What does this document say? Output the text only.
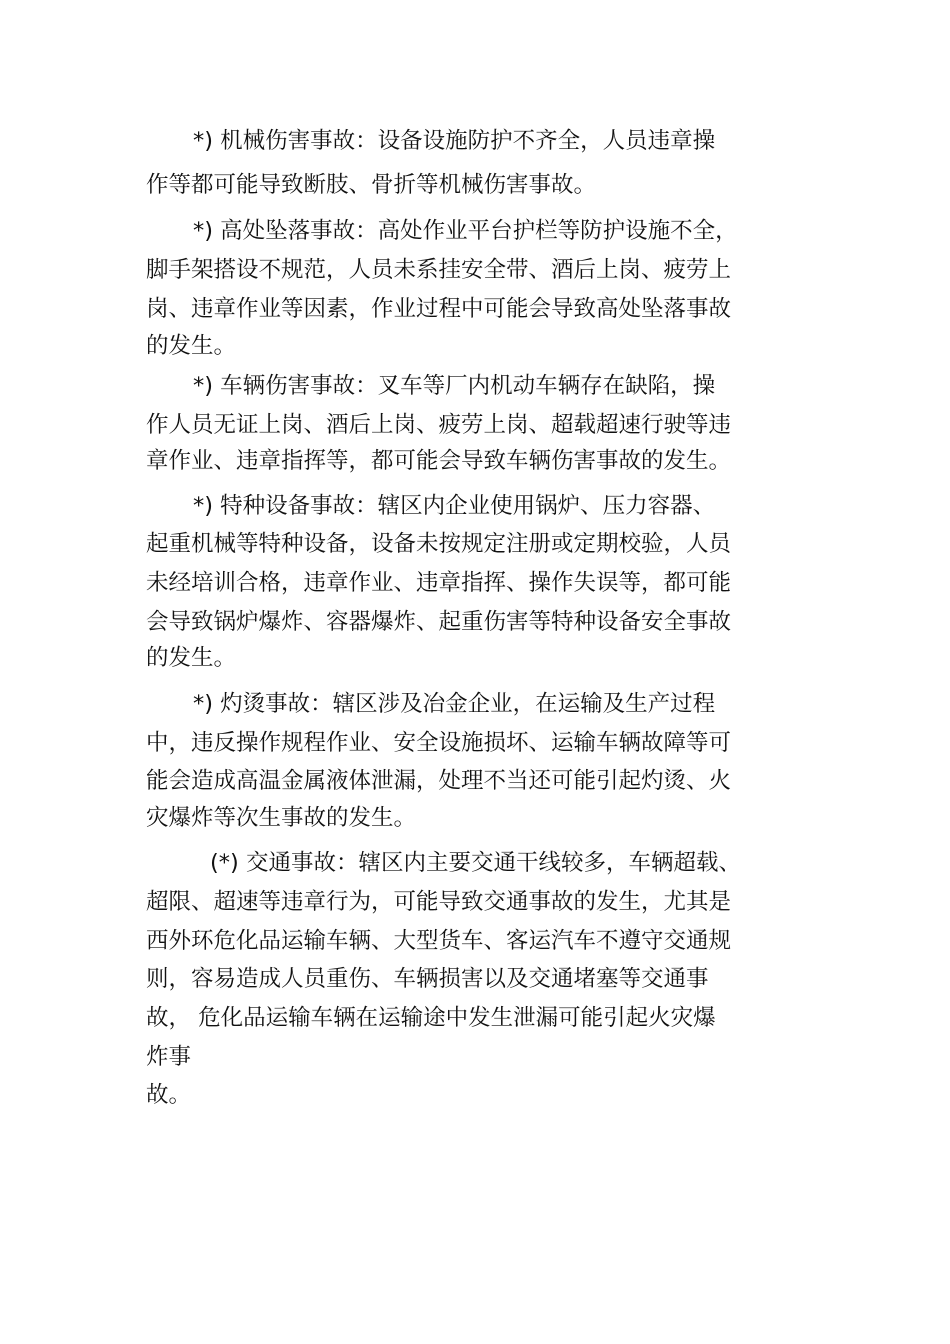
*) 机械伤害事故：设备设施防护不齐全，人员违章操
作等都可能导致断肢、骨折等机械伤害事故。
*) 高处坠落事故：高处作业平台护栏等防护设施不全，
脚手架搭设不规范，人员未系挂安全带、酒后上岗、疲劳上
岗、违章作业等因素，作业过程中可能会导致高处坠落事故
的发生。
*) 车辆伤害事故：叉车等厂内机动车辆存在缺陷，操
作人员无证上岗、酒后上岗、疲劳上岗、超载超速行驶等违
章作业、违章指挥等，都可能会导致车辆伤害事故的发生。
*) 特种设备事故：辖区内企业使用锅炉、压力容器、
起重机械等特种设备，设备未按规定注册或定期校验，人员
未经培训合格，违章作业、违章指挥、操作失误等，都可能
会导致锅炉爆炸、容器爆炸、起重伤害等特种设备安全事故
的发生。
*) 灼烫事故：辖区涉及冶金企业，在运输及生产过程
中，违反操作规程作业、安全设施损坏、运输车辆故障等可
能会造成高温金属液体泄漏，处理不当还可能引起灼烫、火
灾爆炸等次生事故的发生。
(*) 交通事故：辖区内主要交通干线较多，车辆超载、
超限、超速等违章行为，可能导致交通事故的发生，尤其是
西外环危化品运输车辆、大型货车、客运汽车不遵守交通规
则，容易造成人员重伤、车辆损害以及交通堵塞等交通事
故， 危化品运输车辆在运输途中发生泄漏可能引起火灾爆
炸事
故。
